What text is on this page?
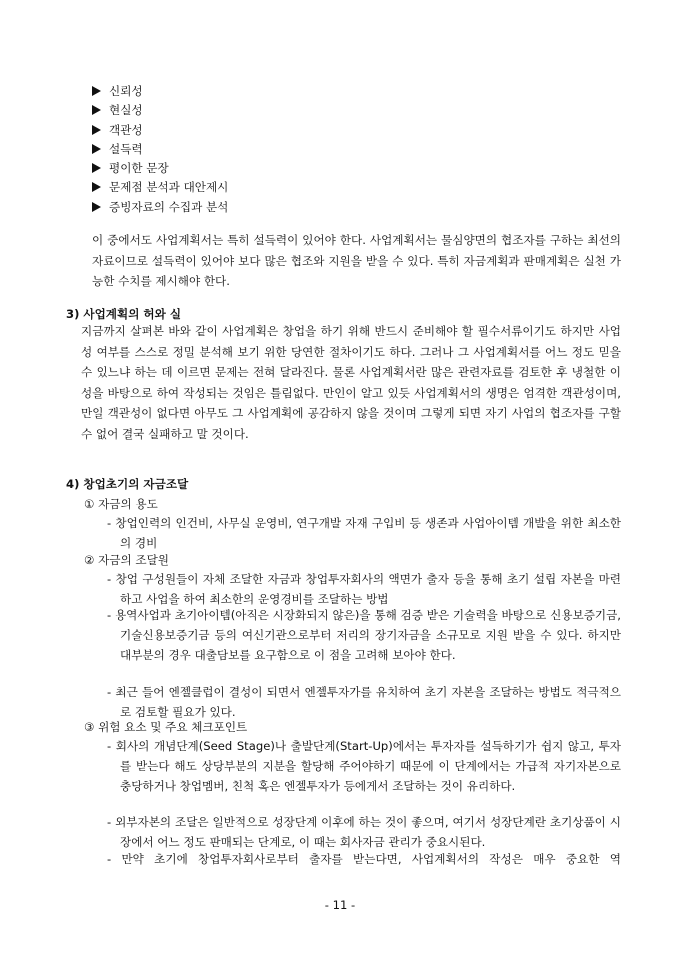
신뢰성
현실성
객관성
설득력
평이한 문장
문제점 분석과 대안제시
증빙자료의 수집과 분석

이 중에서도 사업계획서는 특히 설득력이 있어야 한다. 사업계획서는 물심양면의 협조자를 구하는 최선의 자료이므로 설득력이 있어야 보다 많은 협조와 지원을 받을 수 있다. 특히 자금계획과 판매계획은 실천 가능한 수치를 제시해야 한다.

3) 사업계획의 허와 실

지금까지 살펴본 바와 같이 사업계획은 창업을 하기 위해 반드시 준비해야 할 필수서류이기도 하지만 사업성 여부를 스스로 정밀 분석해 보기 위한 당연한 절차이기도 하다. 그러나 그 사업계획서를 어느 정도 믿을 수 있느냐 하는 데 이르면 문제는 전혀 달라진다. 물론 사업계획서란 많은 관련자료를 검토한 후 냉철한 이성을 바탕으로 하여 작성되는 것임은 틀림없다. 만인이 알고 있듯 사업계획서의 생명은 엄격한 객관성이며, 만일 객관성이 없다면 아무도 그 사업계획에 공감하지 않을 것이며 그렇게 되면 자기 사업의 협조자를 구할 수 없어 결국 실패하고 말 것이다.

4) 창업초기의 자금조달

① 자금의 용도

- 창업인력의 인건비, 사무실 운영비, 연구개발 자재 구입비 등 생존과 사업아이템 개발을 위한 최소한의 경비

② 자금의 조달원

- 창업 구성원들이 자체 조달한 자금과 창업투자회사의 액면가 출자 등을 통해 초기 설립 자본을 마련하고 사업을 하여 최소한의 운영경비를 조달하는 방법

- 용역사업과 초기아이템(아직은 시장화되지 않은)을 통해 검증 받은 기술력을 바탕으로 신용보증기금, 기술신용보증기금 등의 여신기관으로부터 저리의 장기자금을 소규모로 지원 받을 수 있다. 하지만 대부분의 경우 대출담보를 요구함으로 이 점을 고려해 보아야 한다.

- 최근 들어 엔젤클럽이 결성이 되면서 엔젤투자가를 유치하여 초기 자본을 조달하는 방법도 적극적으로 검토할 필요가 있다.

③ 위험 요소 및 주요 체크포인트

- 회사의 개념단계(Seed Stage)나 출발단계(Start-Up)에서는 투자자를 설득하기가 쉽지 않고, 투자를 받는다 해도 상당부분의 지분을 할당해 주어야하기 때문에 이 단계에서는 가급적 자기자본으로 충당하거나 창업멤버, 친척 혹은 엔젤투자가 등에게서 조달하는 것이 유리하다.

- 외부자본의 조달은 일반적으로 성장단계 이후에 하는 것이 좋으며, 여기서 성장단계란 초기상품이 시장에서 어느 정도 판매되는 단계로, 이 때는 회사자금 관리가 중요시된다.

- 만약 초기에 창업투자회사로부터 출자를 받는다면, 사업계획서의 작성은 매우 중요한 역

- 11 -
